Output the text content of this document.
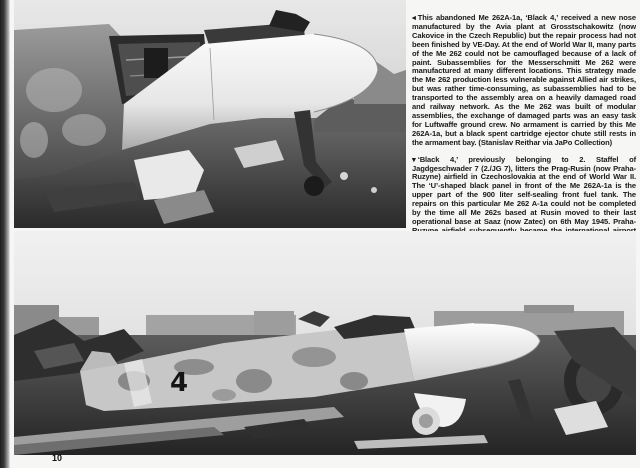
◂ This abandoned Me 262A-1a, ‘Black 4,’ received a new nose manufactured by the Avia plant at Grosstschakowitz (now Cakovice in the Czech Republic) but the repair process had not been finished by VE-Day. At the end of World War II, many parts of the Me 262 could not be camouflaged because of a lack of paint. Subassemblies for the Messerschmitt Me 262 were manufactured at many different locations. This strategy made the Me 262 production less vulnerable against Allied air strikes, but was rather time-consuming, as subassemblies had to be transported to the assembly area on a heavily damaged road and railway network. As the Me 262 was built of modular assemblies, the exchange of damaged parts was an easy task for Luftwaffe ground crew. No armament is carried by this Me 262A-1a, but a black spent cartridge ejector chute still rests in the armament bay. (Stanislav Reithar via JaPo Collection)

▾ ‘Black 4,’ previously belonging to 2. Staffel of Jagdgeschwader 7 (2./JG 7), litters the Prag-Rusin (now Praha-Ruzyne) airfield in Czechoslovakia at the end of World War II. The ‘U’-shaped black panel in front of the Me 262A-1a is the upper part of the 900 liter self-sealing front fuel tank. The repairs on this particular Me 262 A-1a could not be completed by the time all Me 262s based at Rusin moved to their last operational base at Saaz (now Zatec) on 6th May 1945. Praha-

4
10
